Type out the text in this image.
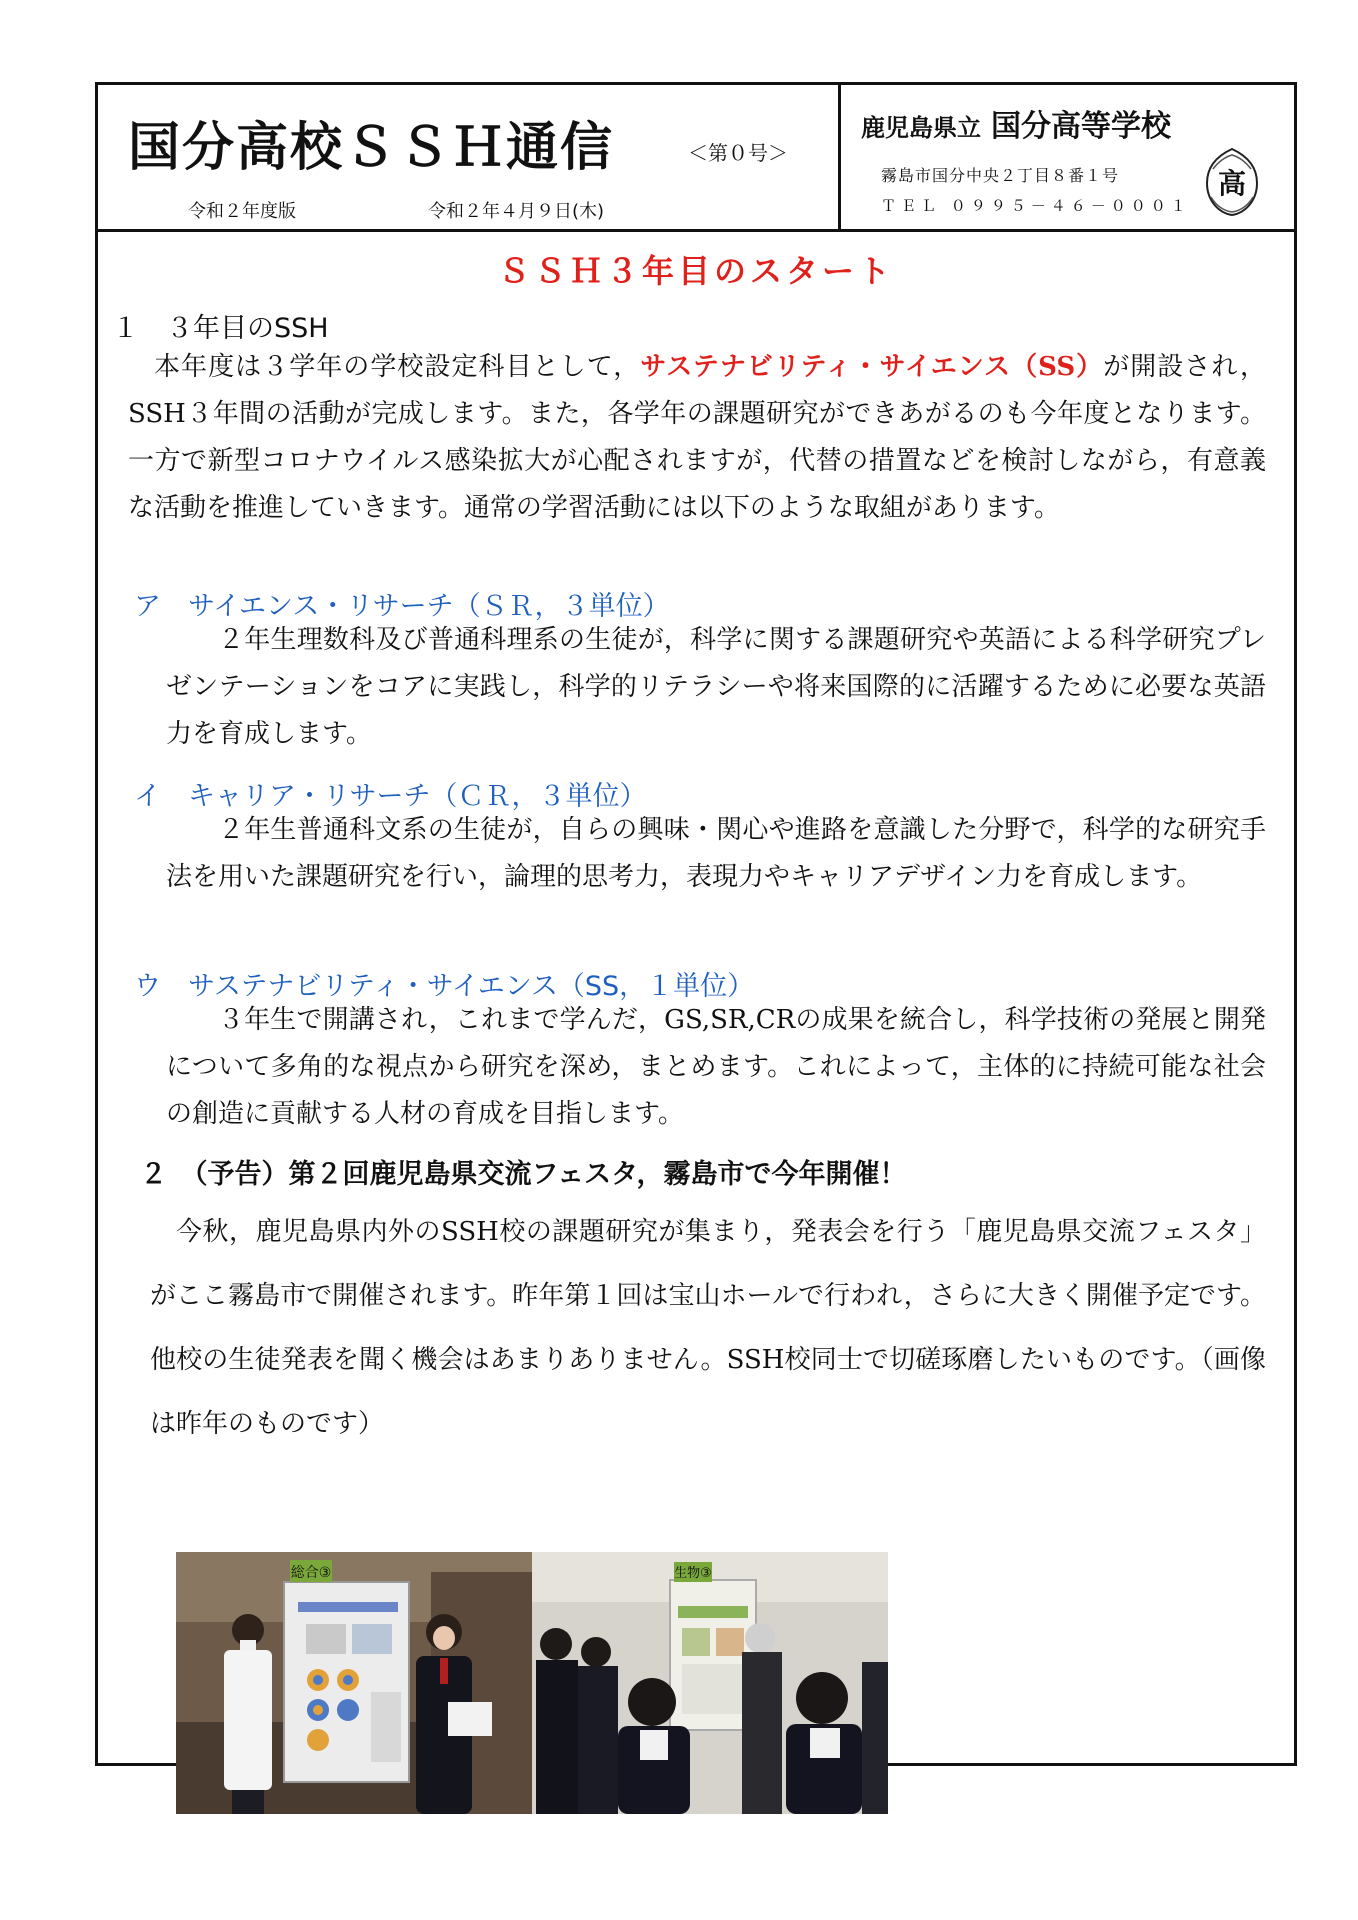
国分高校ＳＳＨ通信	＜第０号＞
令和２年度版	令和２年４月９日(木)
鹿児島県立 国分高等学校
霧島市国分中央２丁目８番１号
ＴＥＬ ０９９５－４６－０００１
高
ＳＳＨ３年目のスタート
１　３年目のSSH
本年度は３学年の学校設定科目として，サステナビリティ・サイエンス（SS）が開設され，SSH３年間の活動が完成します。また，各学年の課題研究ができあがるのも今年度となります。一方で新型コロナウイルス感染拡大が心配されますが，代替の措置などを検討しながら，有意義な活動を推進していきます。通常の学習活動には以下のような取組があります。
ア　サイエンス・リサーチ（ＳＲ，３単位）
２年生理数科及び普通科理系の生徒が，科学に関する課題研究や英語による科学研究プレゼンテーションをコアに実践し，科学的リテラシーや将来国際的に活躍するために必要な英語力を育成します。
イ　キャリア・リサーチ（ＣＲ，３単位）
２年生普通科文系の生徒が，自らの興味・関心や進路を意識した分野で，科学的な研究手法を用いた課題研究を行い，論理的思考力，表現力やキャリアデザイン力を育成します。
ウ　サステナビリティ・サイエンス（SS，１単位）
３年生で開講され，これまで学んだ，GS,SR,CRの成果を統合し，科学技術の発展と開発について多角的な視点から研究を深め，まとめます。これによって，主体的に持続可能な社会の創造に貢献する人材の育成を目指します。
２　（予告）第２回鹿児島県交流フェスタ，霧島市で今年開催！
今秋，鹿児島県内外のSSH校の課題研究が集まり，発表会を行う「鹿児島県交流フェスタ」がここ霧島市で開催されます。昨年第１回は宝山ホールで行われ，さらに大きく開催予定です。他校の生徒発表を聞く機会はあまりありません。SSH校同士で切磋琢磨したいものです。（画像は昨年のものです）
総合③	生物③
